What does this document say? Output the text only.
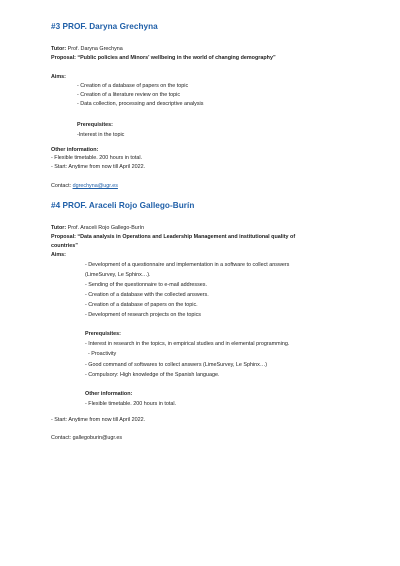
#3 PROF. Daryna Grechyna
Tutor: Prof. Daryna Grechyna
Proposal: “Public policies and Minors’ wellbeing in the world of changing demography”
Aims:
- Creation of a database of papers on the topic
- Creation of a literature review on the topic
- Data collection, processing and descriptive analysis
Prerequisites:
-Interest in the topic
Other information:
- Flexible timetable. 200 hours in total.
- Start: Anytime from now till April 2022.
Contact: dgrechyna@ugr.es
#4 PROF. Araceli Rojo Gallego-Burín
Tutor: Prof. Araceli Rojo Gallego-Burín
Proposal: “Data analysis in Operations and Leadership Management and institutional quality of
countries”
Aims:
- Development of a questionnaire and implementation in a software to collect answers
(LimeSurvey, Le Sphinx…).
- Sending of the questionnaire to e-mail addresses.
- Creation of a database with the collected answers.
- Creation of a database of papers on the topic.
- Development of research projects on the topics
Prerequisites:
- Interest in research in the topics, in empirical studies and in elemental programming.
- Proactivity
- Good command of softwares to collect answers (LimeSurvey, Le Sphinx…)
- Compulsory: High knowledge of the Spanish language.
Other information:
- Flexible timetable. 200 hours in total.
- Start: Anytime from now till April 2022.
Contact: gallegoburin@ugr.es
